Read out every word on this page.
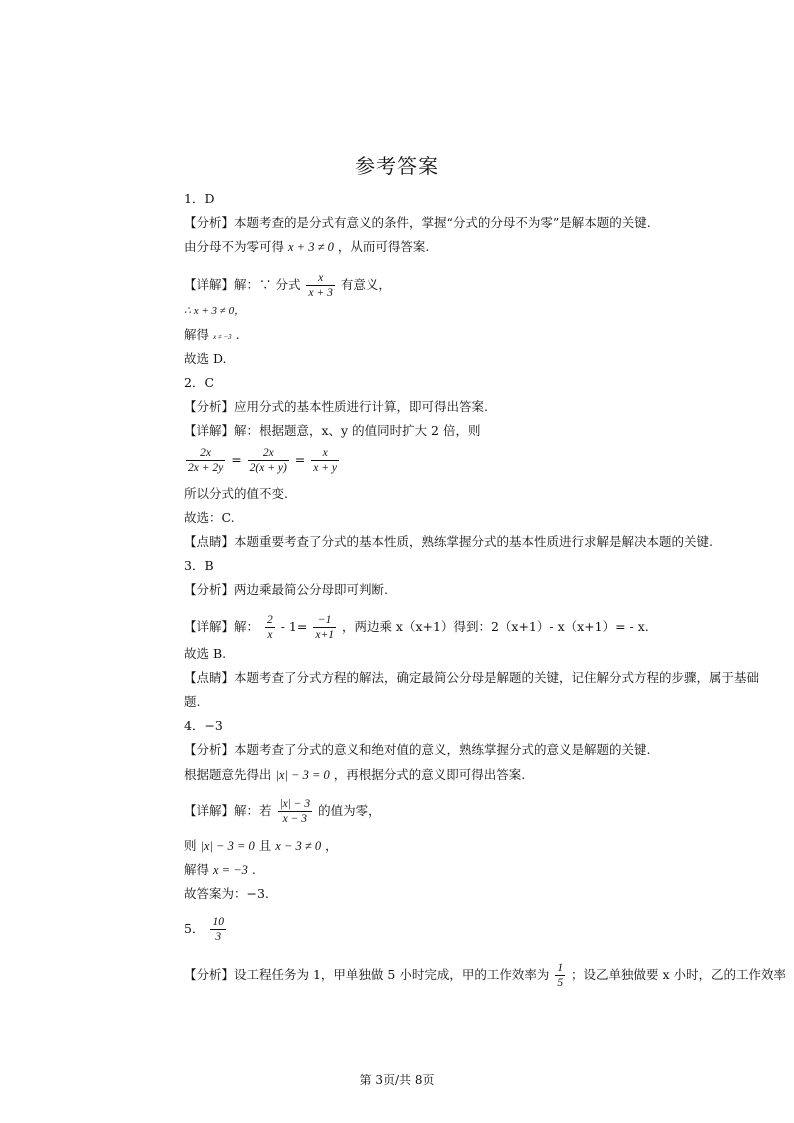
参考答案
1．D
【分析】本题考查的是分式有意义的条件，掌握“分式的分母不为零”是解本题的关键.
由分母不为零可得 x + 3 ≠ 0 ，从而可得答案.
【详解】解：∵ 分式 $\frac{x}{x + 3}$ 有意义，
∴ x + 3 ≠ 0，
解得 x ≠ −3 .
故选 D.
2．C
【分析】应用分式的基本性质进行计算，即可得出答案.
【详解】解：根据题意，x、y 的值同时扩大 2 倍，则
$\frac{2x}{2x + 2y} = \frac{2x}{2(x + y)} = \frac{x}{x + y}$
所以分式的值不变.
故选：C.
【点睛】本题重要考查了分式的基本性质，熟练掌握分式的基本性质进行求解是解决本题的关键.
3．B
【分析】两边乘最简公分母即可判断.
【详解】解： $\frac{2}{x} - 1= \frac{-1}{x+1}$ ，两边乘 x（x+1）得到：2（x+1）- x（x+1）= - x.
故选 B.
【点睛】本题考查了分式方程的解法，确定最简公分母是解题的关键，记住解分式方程的步骤，属于基础
题.
4．−3
【分析】本题考查了分式的意义和绝对值的意义，熟练掌握分式的意义是解题的关键.
根据题意先得出 |x| − 3 = 0 ，再根据分式的意义即可得出答案.
【详解】解：若 $\frac{|x| - 3}{x - 3}$ 的值为零，
则 |x| − 3 = 0 且 x − 3 ≠ 0 ，
解得 x = −3 .
故答案为：−3.
5． $\frac{10}{3}$
【分析】设工程任务为 1，甲单独做 5 小时完成，甲的工作效率为 $\frac{1}{5}$ ；设乙单独做要 x 小时，乙的工作效率
第 3页/共 8页
